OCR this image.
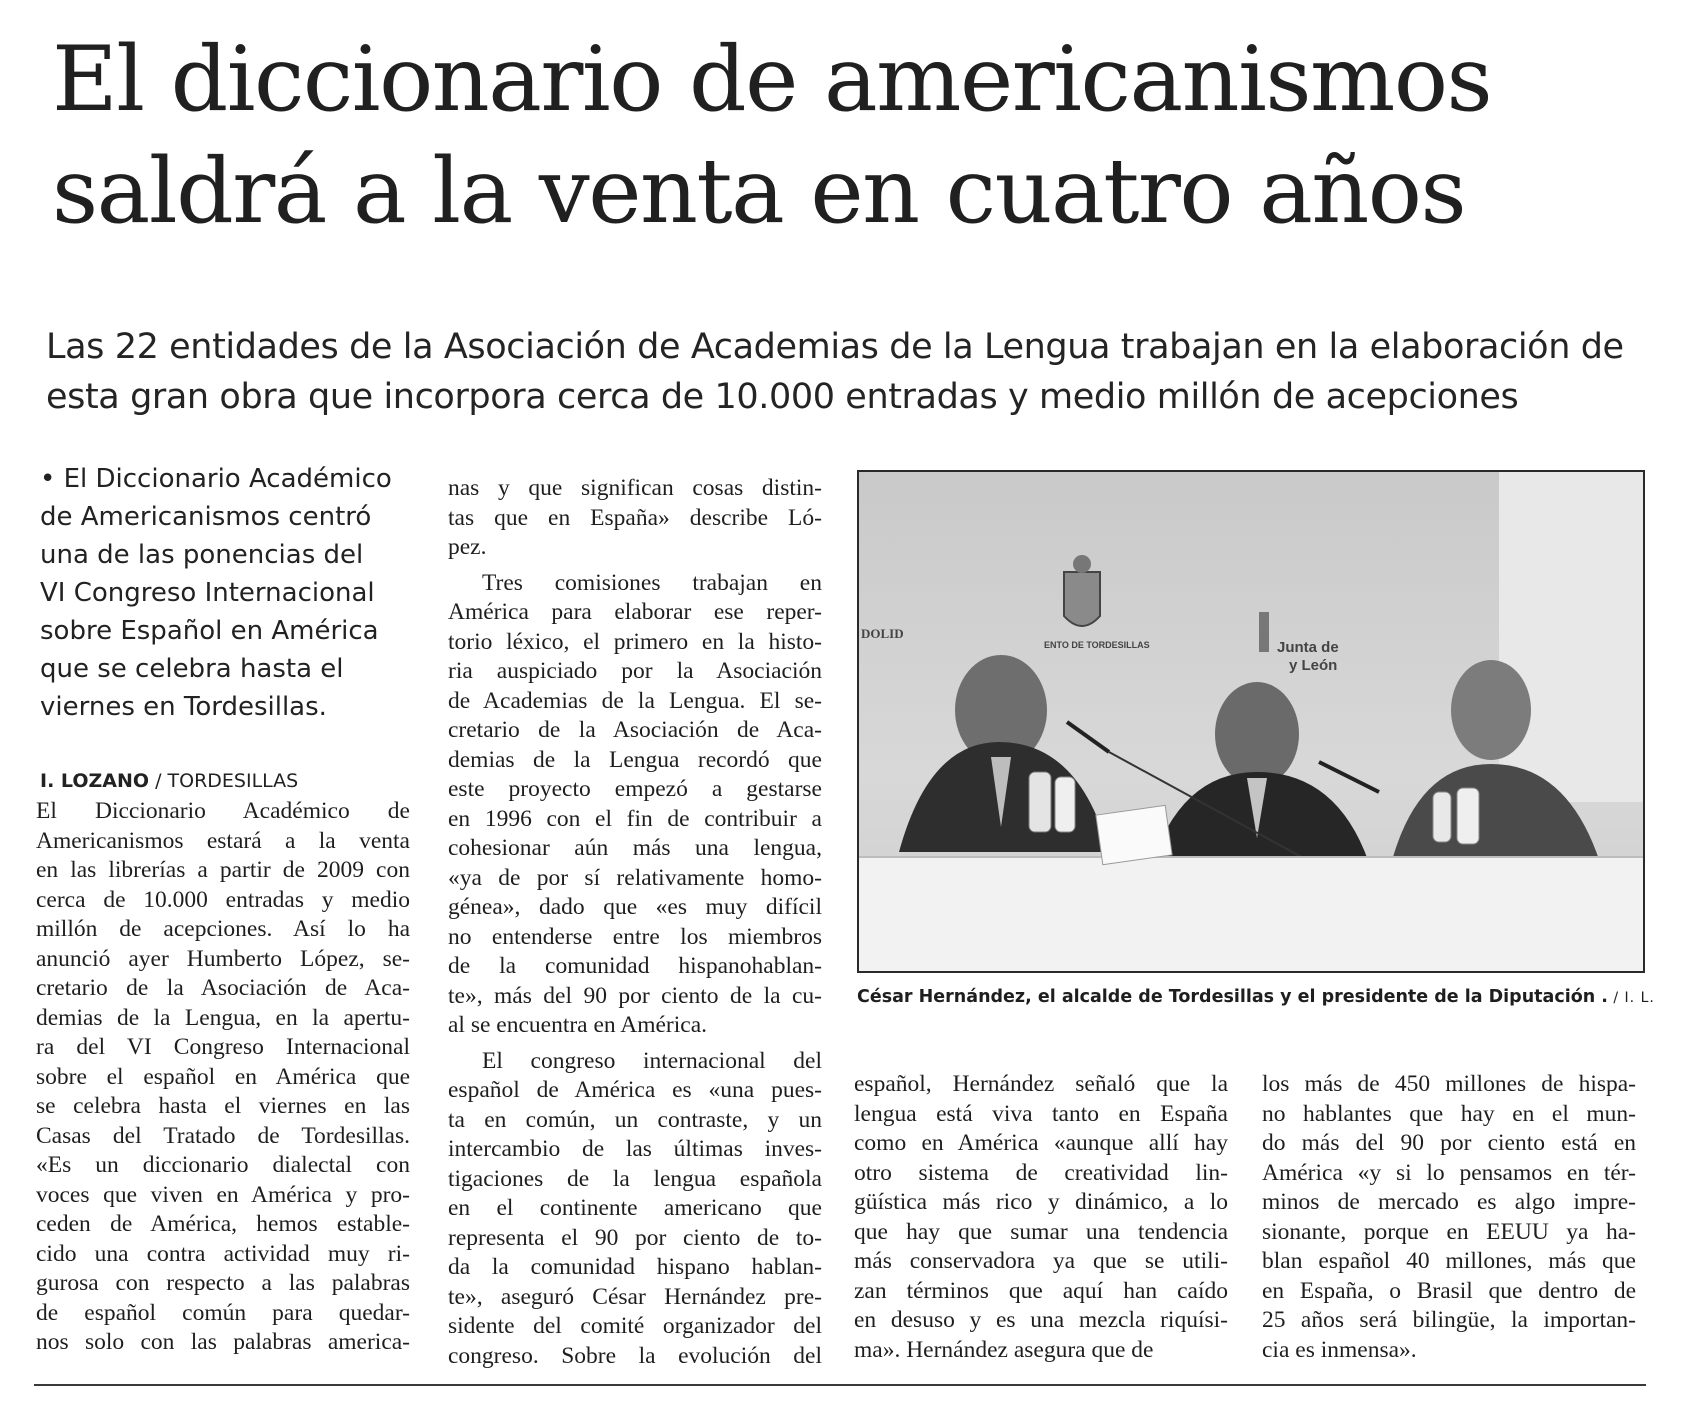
El diccionario de americanismos
saldrá a la venta en cuatro años
Las 22 entidades de la Asociación de Academias de la Lengua trabajan en la elaboración de
esta gran obra que incorpora cerca de 10.000 entradas y medio millón de acepciones
• El Diccionario Académico
de Americanismos centró
una de las ponencias del
VI Congreso Internacional
sobre Español en América
que se celebra hasta el
viernes en Tordesillas.
I. LOZANO / TORDESILLAS

El Diccionario Académico de
Americanismos estará a la venta
en las librerías a partir de 2009 con
cerca de 10.000 entradas y medio
millón de acepciones. Así lo ha
anunció ayer Humberto López, se-
cretario de la Asociación de Aca-
demias de la Lengua, en la apertu-
ra del VI Congreso Internacional
sobre el español en América que
se celebra hasta el viernes en las
Casas del Tratado de Tordesillas.
«Es un diccionario dialectal con
voces que viven en América y pro-
ceden de América, hemos estable-
cido una contra actividad muy ri-
gurosa con respecto a las palabras
de español común para quedar-
nos solo con las palabras america-

nas y que significan cosas distin-
tas que en España» describe Ló-
pez.

Tres comisiones trabajan en
América para elaborar ese reper-
torio léxico, el primero en la histo-
ria auspiciado por la Asociación
de Academias de la Lengua. El se-
cretario de la Asociación de Aca-
demias de la Lengua recordó que
este proyecto empezó a gestarse
en 1996 con el fin de contribuir a
cohesionar aún más una lengua,
«ya de por sí relativamente homo-
génea», dado que «es muy difícil
no entenderse entre los miembros
de la comunidad hispanohablan-
te», más del 90 por ciento de la cu-
al se encuentra en América.

El congreso internacional del
español de América es «una pues-
ta en común, un contraste, y un
intercambio de las últimas inves-
tigaciones de la lengua española
en el continente americano que
representa el 90 por ciento de to-
da la comunidad hispano hablan-
te», aseguró César Hernández pre-
sidente del comité organizador del
congreso. Sobre la evolución del

español, Hernández señaló que la
lengua está viva tanto en España
como en América «aunque allí hay
otro sistema de creatividad lin-
güística más rico y dinámico, a lo
que hay que sumar una tendencia
más conservadora ya que se utili-
zan términos que aquí han caído
en desuso y es una mezcla riquísi-
ma». Hernández asegura que de

los más de 450 millones de hispa-
no hablantes que hay en el mun-
do más del 90 por ciento está en
América «y si lo pensamos en tér-
minos de mercado es algo impre-
sionante, porque en EEUU ya ha-
blan español 40 millones, más que
en España, o Brasil que dentro de
25 años será bilingüe, la importan-
cia es inmensa».

DOLID
ENTO DE TORDESILLAS	Junta de
y León
César Hernández, el alcalde de Tordesillas y el presidente de la Diputación . / I. L.
